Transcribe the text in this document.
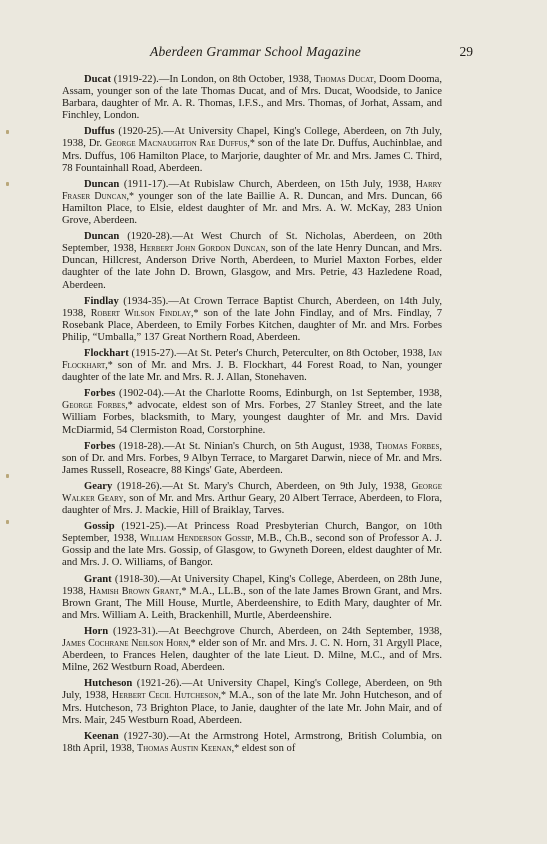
Aberdeen Grammar School Magazine	29

Ducat (1919-22).—In London, on 8th October, 1938, Thomas Ducat, Doom Dooma, Assam, younger son of the late Thomas Ducat, and of Mrs. Ducat, Woodside, to Janice Barbara, daughter of Mr. A. R. Thomas, I.F.S., and Mrs. Thomas, of Jorhat, Assam, and Finchley, London.

Duffus (1920-25).—At University Chapel, King's College, Aberdeen, on 7th July, 1938, Dr. George Macnaughton Rae Duffus,* son of the late Dr. Duffus, Auchinblae, and Mrs. Duffus, 106 Hamilton Place, to Marjorie, daughter of Mr. and Mrs. James C. Third, 78 Fountainhall Road, Aberdeen.

Duncan (1911-17).—At Rubislaw Church, Aberdeen, on 15th July, 1938, Harry Fraser Duncan,* younger son of the late Baillie A. R. Duncan, and Mrs. Duncan, 66 Hamilton Place, to Elsie, eldest daughter of Mr. and Mrs. A. W. McKay, 283 Union Grove, Aberdeen.

Duncan (1920-28).—At West Church of St. Nicholas, Aberdeen, on 20th September, 1938, Herbert John Gordon Duncan, son of the late Henry Duncan, and Mrs. Duncan, Hillcrest, Anderson Drive North, Aberdeen, to Muriel Maxton Forbes, elder daughter of the late John D. Brown, Glasgow, and Mrs. Petrie, 43 Hazledene Road, Aberdeen.

Findlay (1934-35).—At Crown Terrace Baptist Church, Aberdeen, on 14th July, 1938, Robert Wilson Findlay,* son of the late John Findlay, and of Mrs. Findlay, 7 Rosebank Place, Aberdeen, to Emily Forbes Kitchen, daughter of Mr. and Mrs. Forbes Philip, “Umballa,” 137 Great Northern Road, Aberdeen.

Flockhart (1915-27).—At St. Peter's Church, Peterculter, on 8th October, 1938, Ian Flockhart,* son of Mr. and Mrs. J. B. Flockhart, 44 Forest Road, to Nan, younger daughter of the late Mr. and Mrs. R. J. Allan, Stonehaven.

Forbes (1902-04).—At the Charlotte Rooms, Edinburgh, on 1st September, 1938, George Forbes,* advocate, eldest son of Mrs. Forbes, 27 Stanley Street, and the late William Forbes, blacksmith, to Mary, youngest daughter of Mr. and Mrs. David McDiarmid, 54 Clermiston Road, Corstorphine.

Forbes (1918-28).—At St. Ninian's Church, on 5th August, 1938, Thomas Forbes, son of Dr. and Mrs. Forbes, 9 Albyn Terrace, to Margaret Darwin, niece of Mr. and Mrs. James Russell, Roseacre, 88 Kings' Gate, Aberdeen.

Geary (1918-26).—At St. Mary's Church, Aberdeen, on 9th July, 1938, George Walker Geary, son of Mr. and Mrs. Arthur Geary, 20 Albert Terrace, Aberdeen, to Flora, daughter of Mrs. J. Mackie, Hill of Braiklay, Tarves.

Gossip (1921-25).—At Princess Road Presbyterian Church, Bangor, on 10th September, 1938, William Henderson Gossip, M.B., Ch.B., second son of Professor A. J. Gossip and the late Mrs. Gossip, of Glasgow, to Gwyneth Doreen, eldest daughter of Mr. and Mrs. J. O. Williams, of Bangor.

Grant (1918-30).—At University Chapel, King's College, Aberdeen, on 28th June, 1938, Hamish Brown Grant,* M.A., LL.B., son of the late James Brown Grant, and Mrs. Brown Grant, The Mill House, Murtle, Aberdeenshire, to Edith Mary, daughter of Mr. and Mrs. William A. Leith, Brackenhill, Murtle, Aberdeenshire.

Horn (1923-31).—At Beechgrove Church, Aberdeen, on 24th September, 1938, James Cochrane Neilson Horn,* elder son of Mr. and Mrs. J. C. N. Horn, 31 Argyll Place, Aberdeen, to Frances Helen, daughter of the late Lieut. D. Milne, M.C., and of Mrs. Milne, 262 Westburn Road, Aberdeen.

Hutcheson (1921-26).—At University Chapel, King's College, Aberdeen, on 9th July, 1938, Herbert Cecil Hutcheson,* M.A., son of the late Mr. John Hutcheson, and of Mrs. Hutcheson, 73 Brighton Place, to Janie, daughter of the late Mr. John Mair, and of Mrs. Mair, 245 Westburn Road, Aberdeen.

Keenan (1927-30).—At the Armstrong Hotel, Armstrong, British Columbia, on 18th April, 1938, Thomas Austin Keenan,* eldest son of
